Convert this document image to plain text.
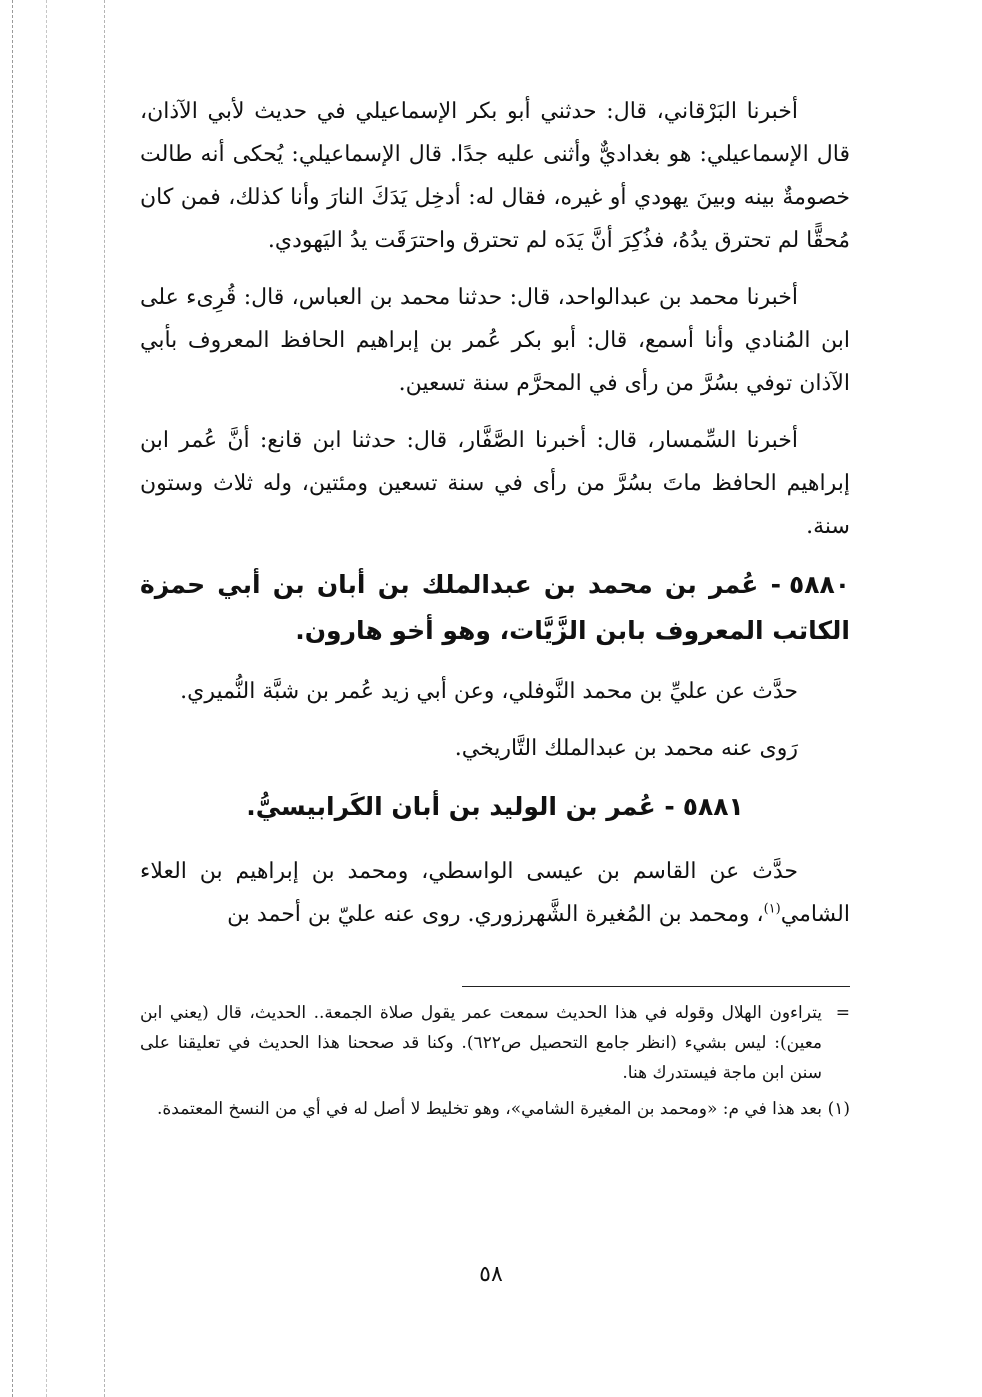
أخبرنا البَرْقاني، قال: حدثني أبو بكر الإسماعيلي في حديث لأبي الآذان، قال الإسماعيلي: هو بغداديٌّ وأثنى عليه جدًا. قال الإسماعيلي: يُحكى أنه طالت خصومةٌ بينه وبينَ يهودي أو غيره، فقال له: أدخِل يَدَكَ النارَ وأنا كذلك، فمن كان مُحقًّا لم تحترق يدُهُ، فذُكِرَ أنَّ يَدَه لم تحترق واحترَقَت يدُ اليَهودي.

أخبرنا محمد بن عبدالواحد، قال: حدثنا محمد بن العباس، قال: قُرِىء على ابن المُنادي وأنا أسمع، قال: أبو بكر عُمر بن إبراهيم الحافظ المعروف بأبي الآذان توفي بسُرَّ من رأى في المحرَّم سنة تسعين.

أخبرنا السِّمسار، قال: أخبرنا الصَّفَّار، قال: حدثنا ابن قانع: أنَّ عُمر ابن إبراهيم الحافظ ماتَ بسُرَّ من رأى في سنة تسعين ومئتين، وله ثلاث وستون سنة.

٥٨٨٠- عُمر بن محمد بن عبدالملك بن أبان بن أبي حمزة الكاتب المعروف بابن الزَّيَّات، وهو أخو هارون.

حدَّث عن عليِّ بن محمد النَّوفلي، وعن أبي زيد عُمر بن شبَّة النُّميري.

رَوى عنه محمد بن عبدالملك التَّاريخي.

٥٨٨١- عُمر بن الوليد بن أبان الكَرابيسيُّ.

حدَّث عن القاسم بن عيسى الواسطي، ومحمد بن إبراهيم بن العلاء الشامي$^{(١)}$، ومحمد بن المُغيرة الشَّهرزوري. روى عنه عليّ بن أحمد بن

=
يتراءون الهلال وقوله في هذا الحديث سمعت عمر يقول صلاة الجمعة.. الحديث، قال (يعني ابن معين): ليس بشيء (انظر جامع التحصيل ص٦٢٢). وكنا قد صححنا هذا الحديث في تعليقنا على سنن ابن ماجة فيستدرك هنا.

(١)
بعد هذا في م: «ومحمد بن المغيرة الشامي»، وهو تخليط لا أصل له في أي من النسخ المعتمدة.

٥٨
